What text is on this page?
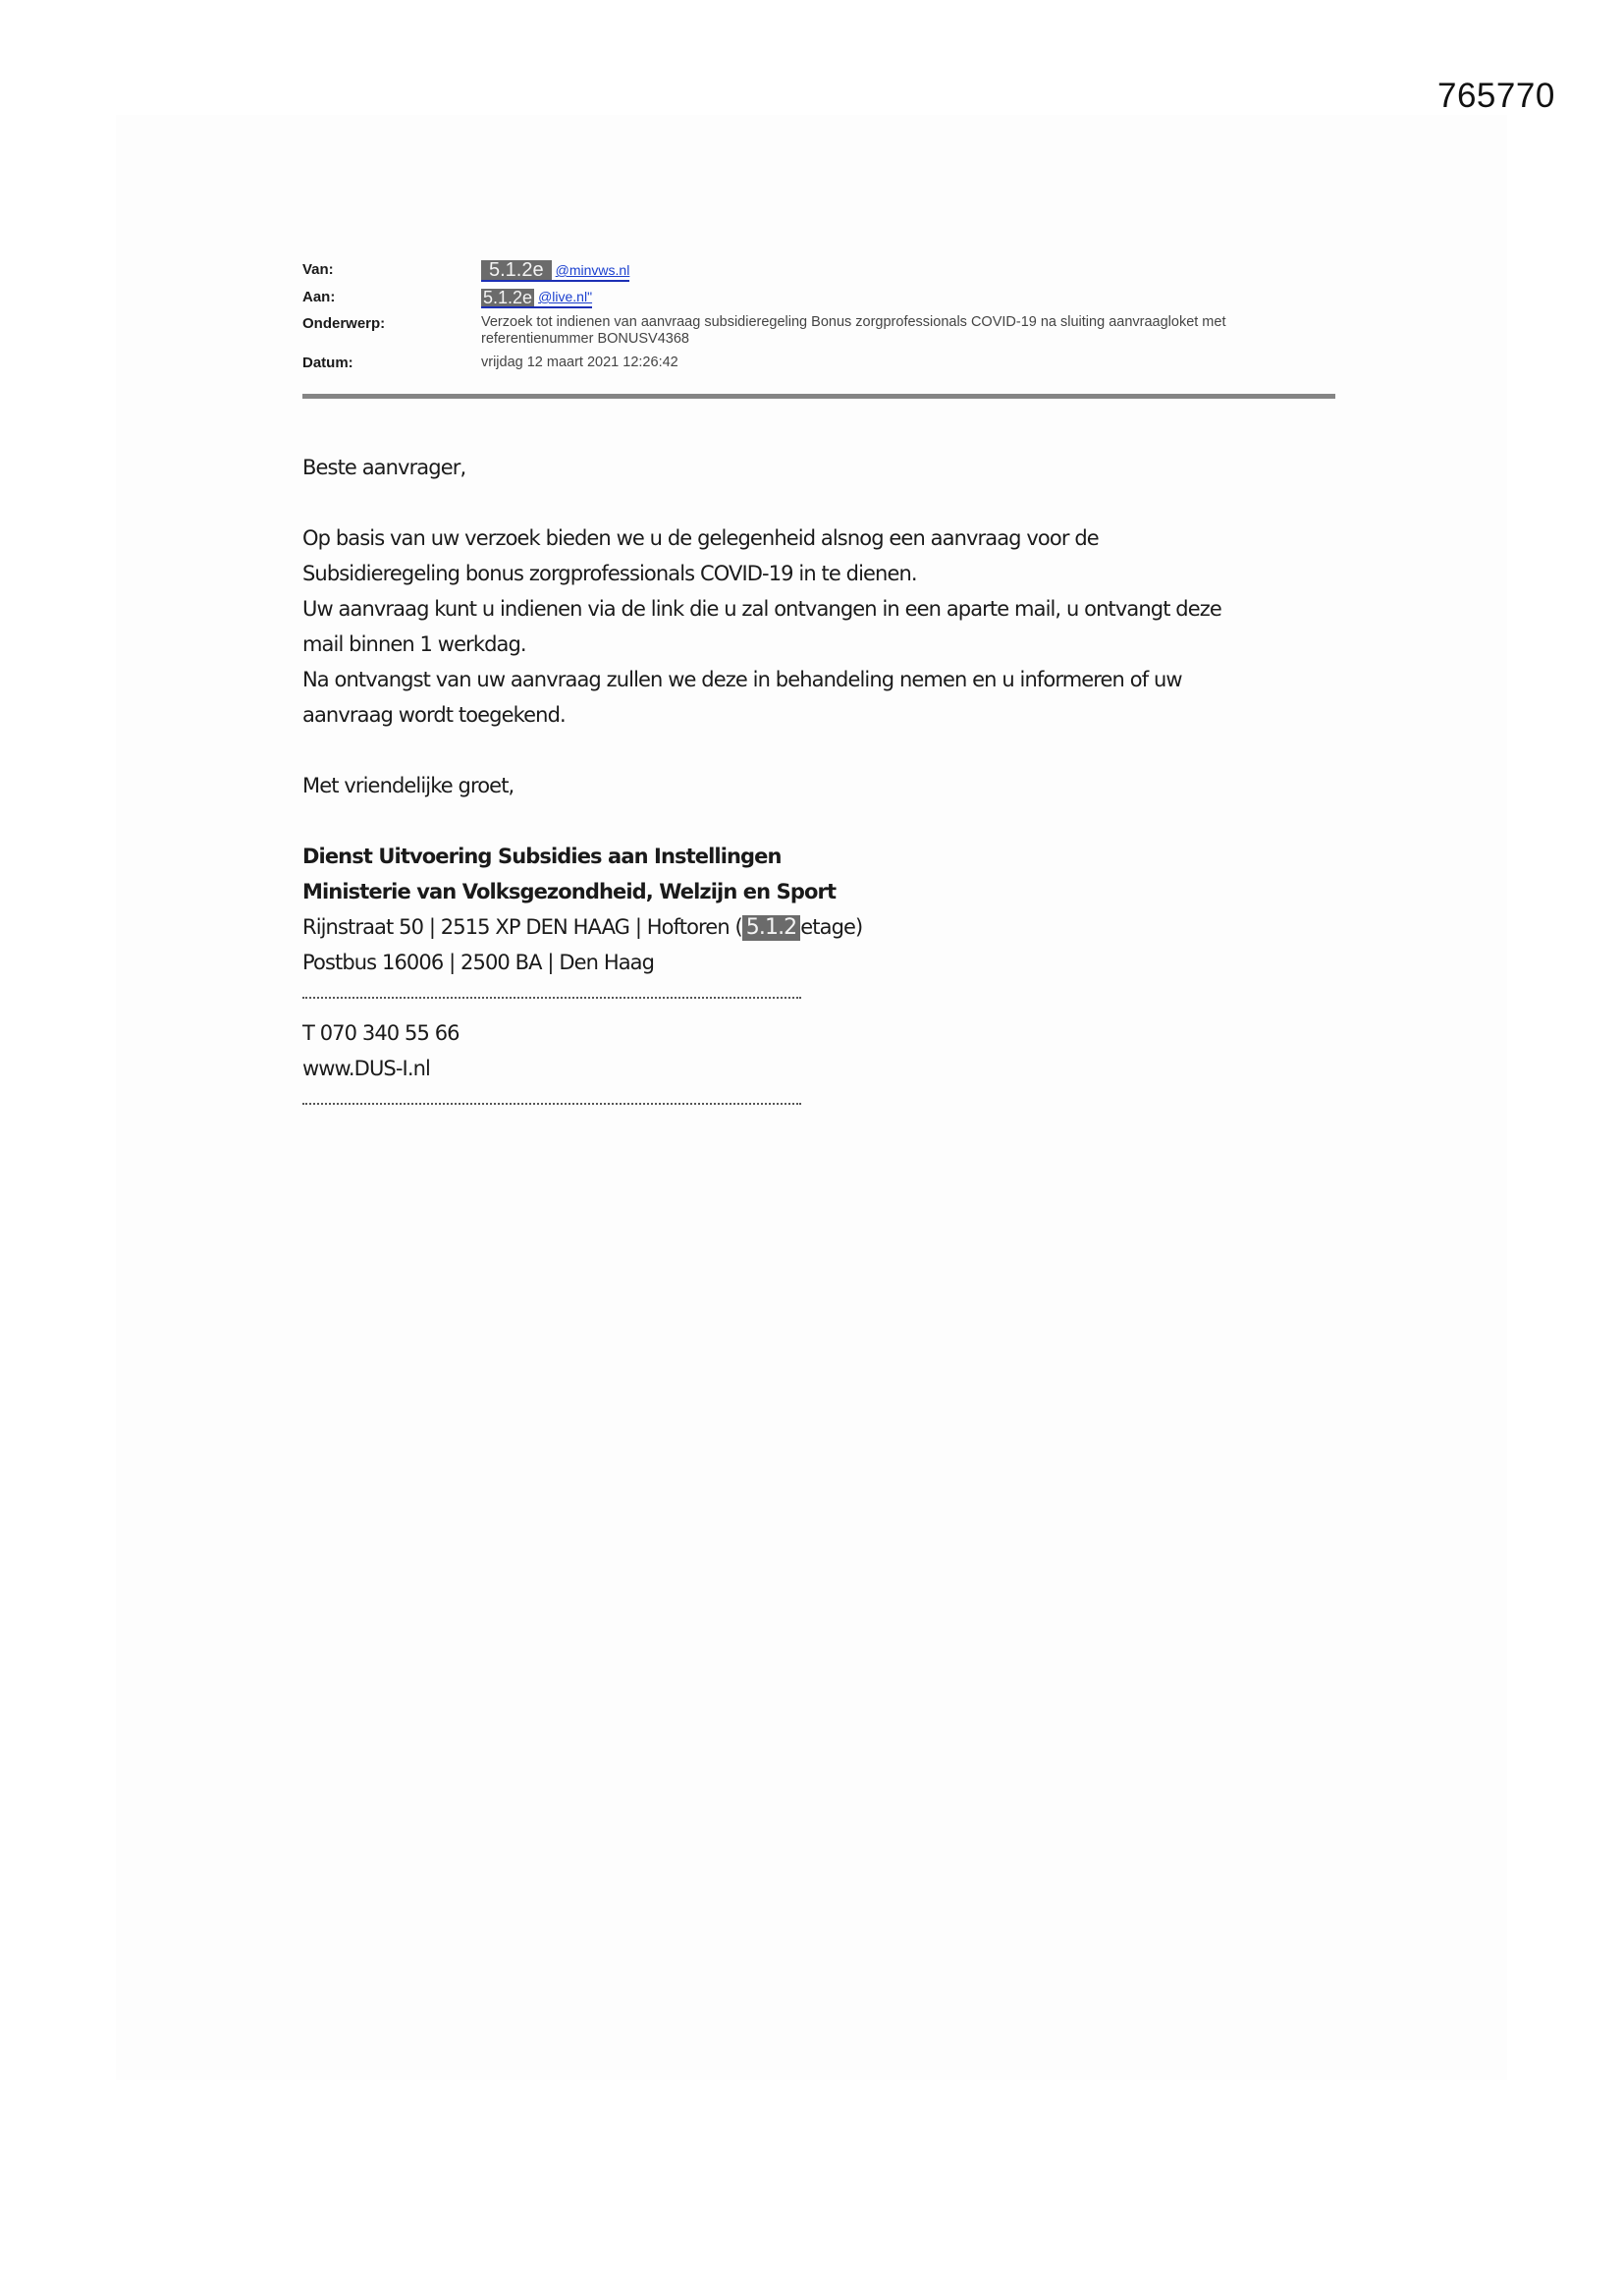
765770
Van:	5.1.2e @minvws.nl
Aan:	5.1.2e @live.nl"
Onderwerp:	Verzoek tot indienen van aanvraag subsidieregeling Bonus zorgprofessionals COVID-19 na sluiting aanvraagloket met referentienummer BONUSV4368
Datum:	vrijdag 12 maart 2021 12:26:42

Beste aanvrager,

Op basis van uw verzoek bieden we u de gelegenheid alsnog een aanvraag voor de

Subsidieregeling bonus zorgprofessionals COVID-19 in te dienen.

Uw aanvraag kunt u indienen via de link die u zal ontvangen in een aparte mail, u ontvangt deze

mail binnen 1 werkdag.

Na ontvangst van uw aanvraag zullen we deze in behandeling nemen en u informeren of uw

aanvraag wordt toegekend.

Met vriendelijke groet,

Dienst Uitvoering Subsidies aan Instellingen

Ministerie van Volksgezondheid, Welzijn en Sport

Rijnstraat 50 | 2515 XP DEN HAAG | Hoftoren ( 5.1.2 etage)

Postbus 16006 | 2500 BA | Den Haag

T 070 340 55 66

www.DUS-I.nl
